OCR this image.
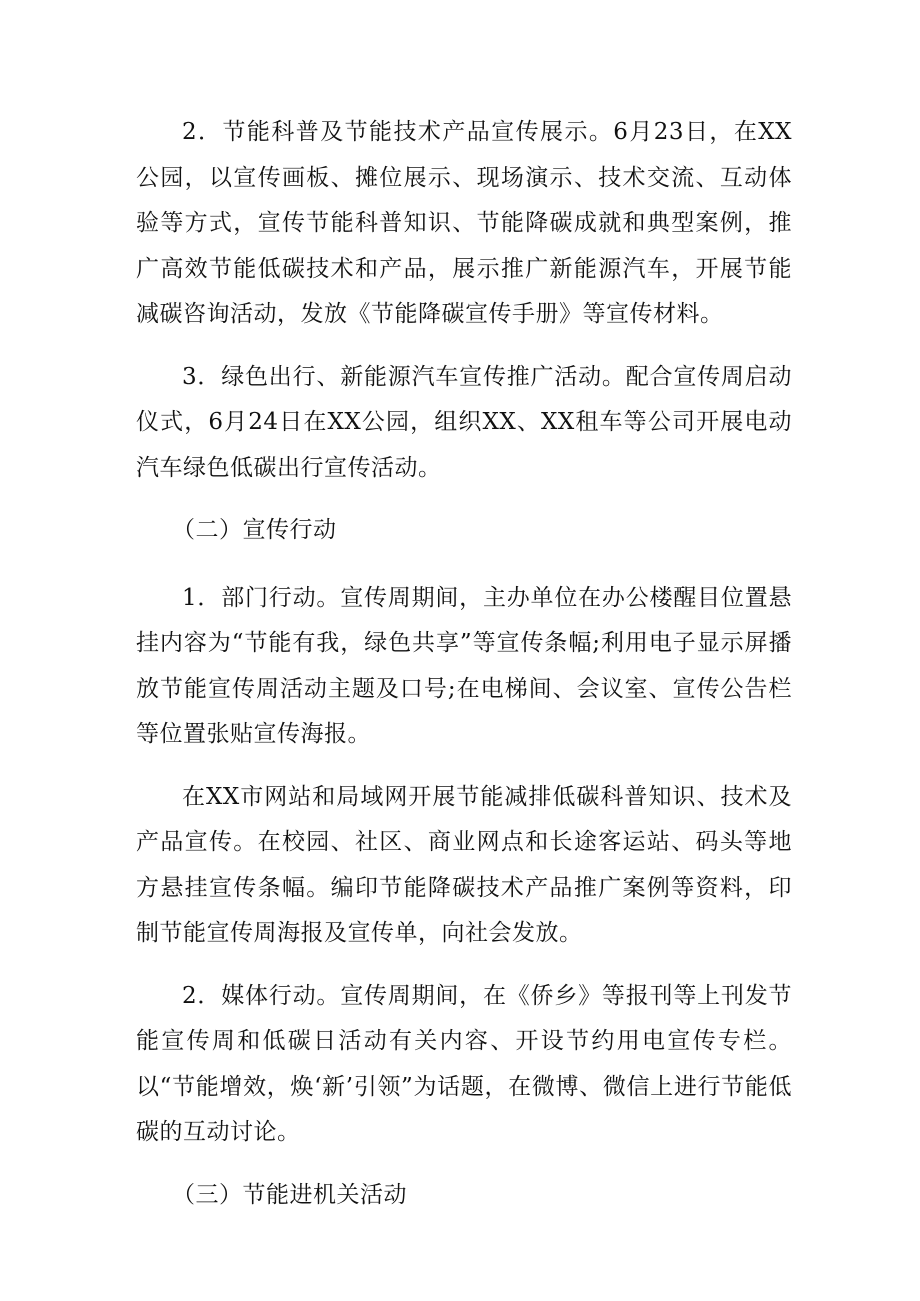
2．节能科普及节能技术产品宣传展示。6月23日，在XX公园，以宣传画板、摊位展示、现场演示、技术交流、互动体验等方式，宣传节能科普知识、节能降碳成就和典型案例，推广高效节能低碳技术和产品，展示推广新能源汽车，开展节能减碳咨询活动，发放《节能降碳宣传手册》等宣传材料。

3．绿色出行、新能源汽车宣传推广活动。配合宣传周启动仪式，6月24日在XX公园，组织XX、XX租车等公司开展电动汽车绿色低碳出行宣传活动。

（二）宣传行动

1．部门行动。宣传周期间，主办单位在办公楼醒目位置悬挂内容为“节能有我，绿色共享”等宣传条幅;利用电子显示屏播放节能宣传周活动主题及口号;在电梯间、会议室、宣传公告栏等位置张贴宣传海报。

在XX市网站和局域网开展节能减排低碳科普知识、技术及产品宣传。在校园、社区、商业网点和长途客运站、码头等地方悬挂宣传条幅。编印节能降碳技术产品推广案例等资料，印制节能宣传周海报及宣传单，向社会发放。

2．媒体行动。宣传周期间，在《侨乡》等报刊等上刊发节能宣传周和低碳日活动有关内容、开设节约用电宣传专栏。以“节能增效，焕‘新’引领”为话题，在微博、微信上进行节能低碳的互动讨论。

（三）节能进机关活动
